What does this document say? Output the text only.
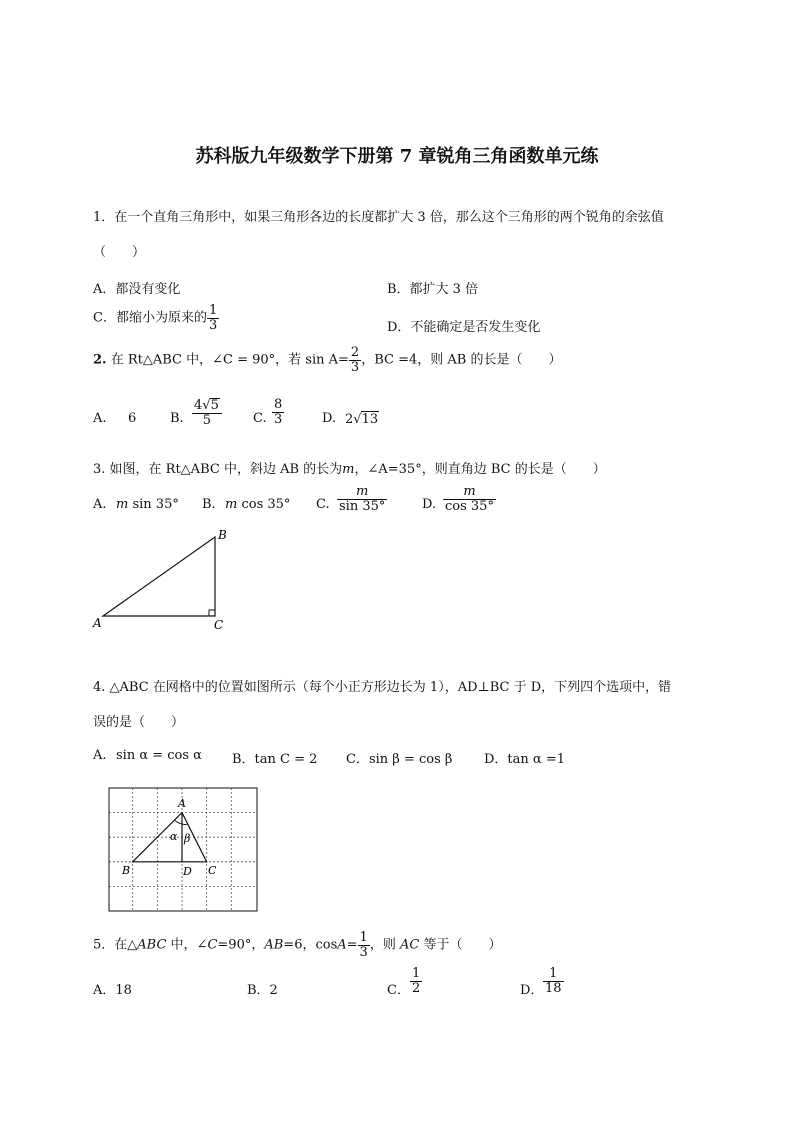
苏科版九年级数学下册第 7 章锐角三角函数单元练
1．在一个直角三角形中，如果三角形各边的长度都扩大 3 倍，那么这个三角形的两个锐角的余弦值
（　　）
A．都没有变化	B．都扩大 3 倍
C．都缩小为原来的 $\frac{1}{3}$	D．不能确定是否发生变化
2. 在 Rt△ABC 中，∠C = 90°，若 $\sin A= \frac{2}{3}$ ，BC =4，则 AB 的长是（　　）
A. 6	B. $\frac{4√5}{5} C$. $\frac{8}{3}$	D. 2√13
3. 如图，在 Rt△ABC 中，斜边 AB 的长为m，∠A=35°，则直角边 BC 的长是（　　）
A. m sin 35° B. m cos 35° C. $\frac{m}{\sin 35^\circ}$	D. $\frac{m}{\cos 35^\circ}$
A	C
B
4. △ABC 在网格中的位置如图所示（每个小正方形边长为 1），AD⊥BC 于 D，下列四个选项中，错
误的是（　　）
A. sin α = cos α B．tan C = 2 C．sin β = cos β D．tan α =1
A
B	C
D
α β
5．在△ABC 中，∠C=90°，AB=6，$\cos A= \frac{1}{3}$ ，则 AC 等于（　　）
A．18	B．2	C． $\frac{1}{2}$	D． $\frac{1}{18}$
